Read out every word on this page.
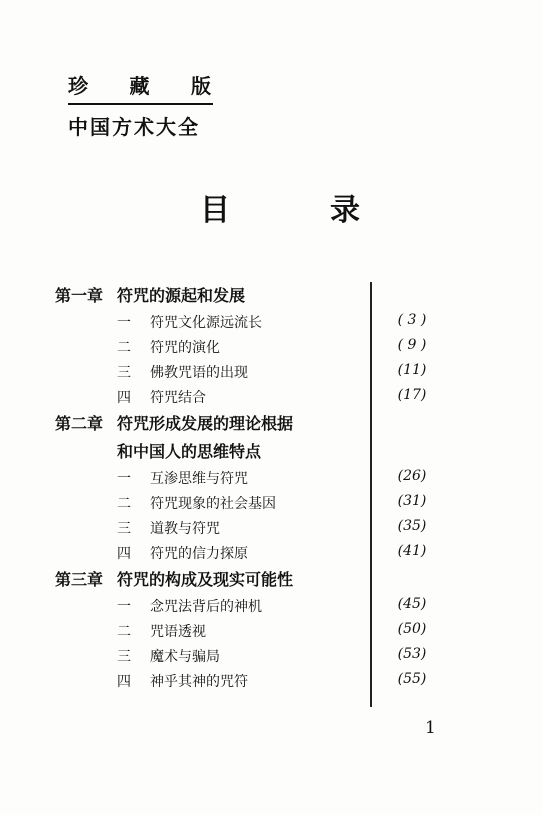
珍 藏 版
中国方术大全
目	录
第一章 符咒的源起和发展
一 符咒文化源远流长	( 3 )
二 符咒的演化	( 9 )
三 佛教咒语的出现	(11)
四 符咒结合	(17)
第二章 符咒形成发展的理论根据
和中国人的思维特点
一 互渗思维与符咒	(26)
二 符咒现象的社会基因	(31)
三 道教与符咒	(35)
四 符咒的信力探原	(41)
第三章 符咒的构成及现实可能性
一 念咒法背后的神机	(45)
二 咒语透视	(50)
三 魔术与骗局	(53)
四 神乎其神的咒符	(55)
1
